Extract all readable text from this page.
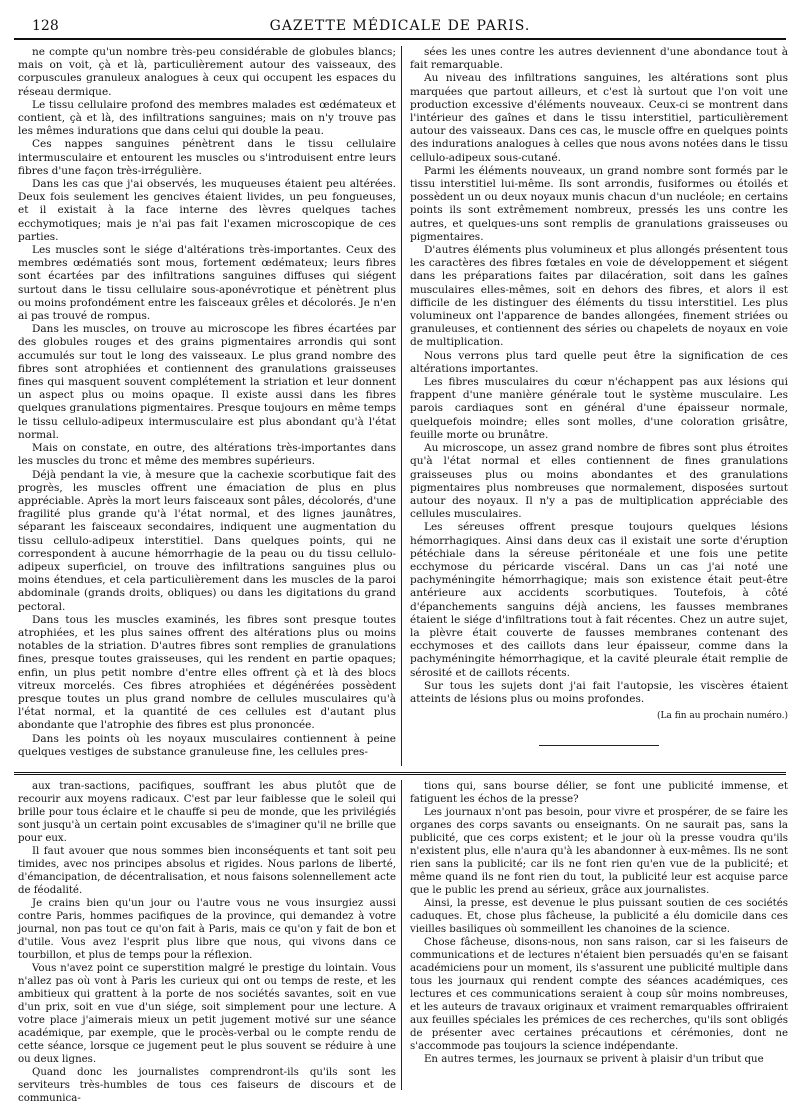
128	GAZETTE MÉDICALE DE PARIS.

ne compte qu'un nombre très-peu considérable de globules blancs; mais on voit, çà et là, particulièrement autour des vaisseaux, des corpuscules granuleux analogues à ceux qui occupent les espaces du réseau dermique.

Le tissu cellulaire profond des membres malades est œdémateux et contient, çà et là, des infiltrations sanguines; mais on n'y trouve pas les mêmes indurations que dans celui qui double la peau.

Ces nappes sanguines pénètrent dans le tissu cellulaire intermusculaire et entourent les muscles ou s'introduisent entre leurs fibres d'une façon très-irrégulière.

Dans les cas que j'ai observés, les muqueuses étaient peu altérées. Deux fois seulement les gencives étaient livides, un peu fongueuses, et il existait à la face interne des lèvres quelques taches ecchymotiques; mais je n'ai pas fait l'examen microscopique de ces parties.

Les muscles sont le siége d'altérations très-importantes. Ceux des membres œdématiés sont mous, fortement œdémateux; leurs fibres sont écartées par des infiltrations sanguines diffuses qui siégent surtout dans le tissu cellulaire sous-aponévrotique et pénètrent plus ou moins profondément entre les faisceaux grêles et décolorés. Je n'en ai pas trouvé de rompus.

Dans les muscles, on trouve au microscope les fibres écartées par des globules rouges et des grains pigmentaires arrondis qui sont accumulés sur tout le long des vaisseaux. Le plus grand nombre des fibres sont atrophiées et contiennent des granulations graisseuses fines qui masquent souvent complétement la striation et leur donnent un aspect plus ou moins opaque. Il existe aussi dans les fibres quelques granulations pigmentaires. Presque toujours en même temps le tissu cellulo-adipeux intermusculaire est plus abondant qu'à l'état normal.

Mais on constate, en outre, des altérations très-importantes dans les muscles du tronc et même des membres supérieurs.

Déjà pendant la vie, à mesure que la cachexie scorbutique fait des progrès, les muscles offrent une émaciation de plus en plus appréciable. Après la mort leurs faisceaux sont pâles, décolorés, d'une fragilité plus grande qu'à l'état normal, et des lignes jaunâtres, séparant les faisceaux secondaires, indiquent une augmentation du tissu cellulo-adipeux interstitiel. Dans quelques points, qui ne correspondent à aucune hémorrhagie de la peau ou du tissu cellulo-adipeux superficiel, on trouve des infiltrations sanguines plus ou moins étendues, et cela particulièrement dans les muscles de la paroi abdominale (grands droits, obliques) ou dans les digitations du grand pectoral.

Dans tous les muscles examinés, les fibres sont presque toutes atrophiées, et les plus saines offrent des altérations plus ou moins notables de la striation. D'autres fibres sont remplies de granulations fines, presque toutes graisseuses, qui les rendent en partie opaques; enfin, un plus petit nombre d'entre elles offrent çà et là des blocs vitreux morcelés. Ces fibres atrophiées et dégénérées possèdent presque toutes un plus grand nombre de cellules musculaires qu'à l'état normal, et la quantité de ces cellules est d'autant plus abondante que l'atrophie des fibres est plus prononcée.

Dans les points où les noyaux musculaires contiennent à peine quelques vestiges de substance granuleuse fine, les cellules pres-

sées les unes contre les autres deviennent d'une abondance tout à fait remarquable.

Au niveau des infiltrations sanguines, les altérations sont plus marquées que partout ailleurs, et c'est là surtout que l'on voit une production excessive d'éléments nouveaux. Ceux-ci se montrent dans l'intérieur des gaînes et dans le tissu interstitiel, particulièrement autour des vaisseaux. Dans ces cas, le muscle offre en quelques points des indurations analogues à celles que nous avons notées dans le tissu cellulo-adipeux sous-cutané.

Parmi les éléments nouveaux, un grand nombre sont formés par le tissu interstitiel lui-même. Ils sont arrondis, fusiformes ou étoilés et possèdent un ou deux noyaux munis chacun d'un nucléole; en certains points ils sont extrêmement nombreux, pressés les uns contre les autres, et quelques-uns sont remplis de granulations graisseuses ou pigmentaires.

D'autres éléments plus volumineux et plus allongés présentent tous les caractères des fibres fœtales en voie de développement et siégent dans les préparations faites par dilacération, soit dans les gaînes musculaires elles-mêmes, soit en dehors des fibres, et alors il est difficile de les distinguer des éléments du tissu interstitiel. Les plus volumineux ont l'apparence de bandes allongées, finement striées ou granuleuses, et contiennent des séries ou chapelets de noyaux en voie de multiplication.

Nous verrons plus tard quelle peut être la signification de ces altérations importantes.

Les fibres musculaires du cœur n'échappent pas aux lésions qui frappent d'une manière générale tout le système musculaire. Les parois cardiaques sont en général d'une épaisseur normale, quelquefois moindre; elles sont molles, d'une coloration grisâtre, feuille morte ou brunâtre.

Au microscope, un assez grand nombre de fibres sont plus étroites qu'à l'état normal et elles contiennent de fines granulations graisseuses plus ou moins abondantes et des granulations pigmentaires plus nombreuses que normalement, disposées surtout autour des noyaux. Il n'y a pas de multiplication appréciable des cellules musculaires.

Les séreuses offrent presque toujours quelques lésions hémorrhagiques. Ainsi dans deux cas il existait une sorte d'éruption pétéchiale dans la séreuse péritonéale et une fois une petite ecchymose du péricarde viscéral. Dans un cas j'ai noté une pachyméningite hémorrhagique; mais son existence était peut-être antérieure aux accidents scorbutiques. Toutefois, à côté d'épanchements sanguins déjà anciens, les fausses membranes étaient le siége d'infiltrations tout à fait récentes. Chez un autre sujet, la plèvre était couverte de fausses membranes contenant des ecchymoses et des caillots dans leur épaisseur, comme dans la pachyméningite hémorrhagique, et la cavité pleurale était remplie de sérosité et de caillots récents.

Sur tous les sujets dont j'ai fait l'autopsie, les viscères étaient atteints de lésions plus ou moins profondes.

(La fin au prochain numéro.)

aux tran-sactions, pacifiques, souffrant les abus plutôt que de recourir aux moyens radicaux. C'est par leur faiblesse que le soleil qui brille pour tous éclaire et le chauffe si peu de monde, que les privilégiés sont jusqu'à un certain point excusables de s'imaginer qu'il ne brille que pour eux.

Il faut avouer que nous sommes bien inconséquents et tant soit peu timides, avec nos principes absolus et rigides. Nous parlons de liberté, d'émancipation, de décentralisation, et nous faisons solennellement acte de féodalité.

Je crains bien qu'un jour ou l'autre vous ne vous insurgiez aussi contre Paris, hommes pacifiques de la province, qui demandez à votre journal, non pas tout ce qu'on fait à Paris, mais ce qu'on y fait de bon et d'utile. Vous avez l'esprit plus libre que nous, qui vivons dans ce tourbillon, et plus de temps pour la réflexion.

Vous n'avez point ce superstition malgré le prestige du lointain. Vous n'allez pas où vont à Paris les curieux qui ont ou temps de reste, et les ambitieux qui grattent à la porte de nos sociétés savantes, soit en vue d'un prix, soit en vue d'un siége, soit simplement pour une lecture. A votre place j'aimerais mieux un petit jugement motivé sur une séance académique, par exemple, que le procès-verbal ou le compte rendu de cette séance, lorsque ce jugement peut le plus souvent se réduire à une ou deux lignes.

Quand donc les journalistes comprendront-ils qu'ils sont les serviteurs très-humbles de tous ces faiseurs de discours et de communica-

tions qui, sans bourse délier, se font une publicité immense, et fatiguent les échos de la presse?

Les journaux n'ont pas besoin, pour vivre et prospérer, de se faire les organes des corps savants ou enseignants. On ne saurait pas, sans la publicité, que ces corps existent; et le jour où la presse voudra qu'ils n'existent plus, elle n'aura qu'à les abandonner à eux-mêmes. Ils ne sont rien sans la publicité; car ils ne font rien qu'en vue de la publicité; et même quand ils ne font rien du tout, la publicité leur est acquise parce que le public les prend au sérieux, grâce aux journalistes.

Ainsi, la presse, est devenue le plus puissant soutien de ces sociétés caduques. Et, chose plus fâcheuse, la publicité a élu domicile dans ces vieilles basiliques où sommeillent les chanoines de la science.

Chose fâcheuse, disons-nous, non sans raison, car si les faiseurs de communications et de lectures n'étaient bien persuadés qu'en se faisant académiciens pour un moment, ils s'assurent une publicité multiple dans tous les journaux qui rendent compte des séances académiques, ces lectures et ces communications seraient à coup sûr moins nombreuses, et les auteurs de travaux originaux et vraiment remarquables offriraient aux feuilles spéciales les prémices de ces recherches, qu'ils sont obligés de présenter avec certaines précautions et cérémonies, dont ne s'accommode pas toujours la science indépendante.

En autres termes, les journaux se privent à plaisir d'un tribut que
